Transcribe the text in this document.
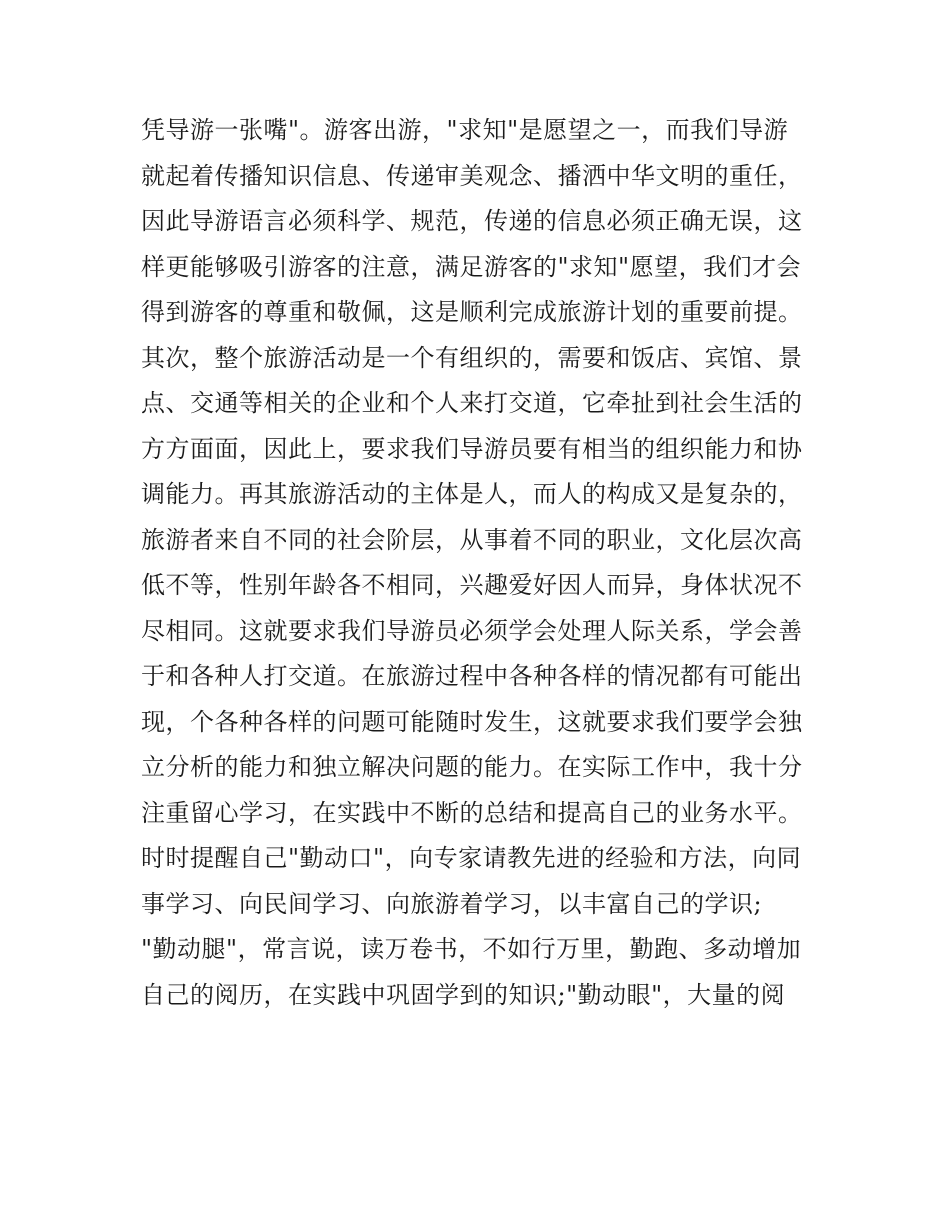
凭导游一张嘴"。游客出游，"求知"是愿望之一，而我们导游
就起着传播知识信息、传递审美观念、播洒中华文明的重任，
因此导游语言必须科学、规范，传递的信息必须正确无误，这
样更能够吸引游客的注意，满足游客的"求知"愿望，我们才会
得到游客的尊重和敬佩，这是顺利完成旅游计划的重要前提。
其次，整个旅游活动是一个有组织的，需要和饭店、宾馆、景
点、交通等相关的企业和个人来打交道，它牵扯到社会生活的
方方面面，因此上，要求我们导游员要有相当的组织能力和协
调能力。再其旅游活动的主体是人，而人的构成又是复杂的，
旅游者来自不同的社会阶层，从事着不同的职业，文化层次高
低不等，性别年龄各不相同，兴趣爱好因人而异，身体状况不
尽相同。这就要求我们导游员必须学会处理人际关系，学会善
于和各种人打交道。在旅游过程中各种各样的情况都有可能出
现，个各种各样的问题可能随时发生，这就要求我们要学会独
立分析的能力和独立解决问题的能力。在实际工作中，我十分
注重留心学习，在实践中不断的总结和提高自己的业务水平。
时时提醒自己"勤动口"，向专家请教先进的经验和方法，向同
事学习、向民间学习、向旅游着学习，以丰富自己的学识;
"勤动腿"，常言说，读万卷书，不如行万里，勤跑、多动增加
自己的阅历，在实践中巩固学到的知识;"勤动眼"，大量的阅
